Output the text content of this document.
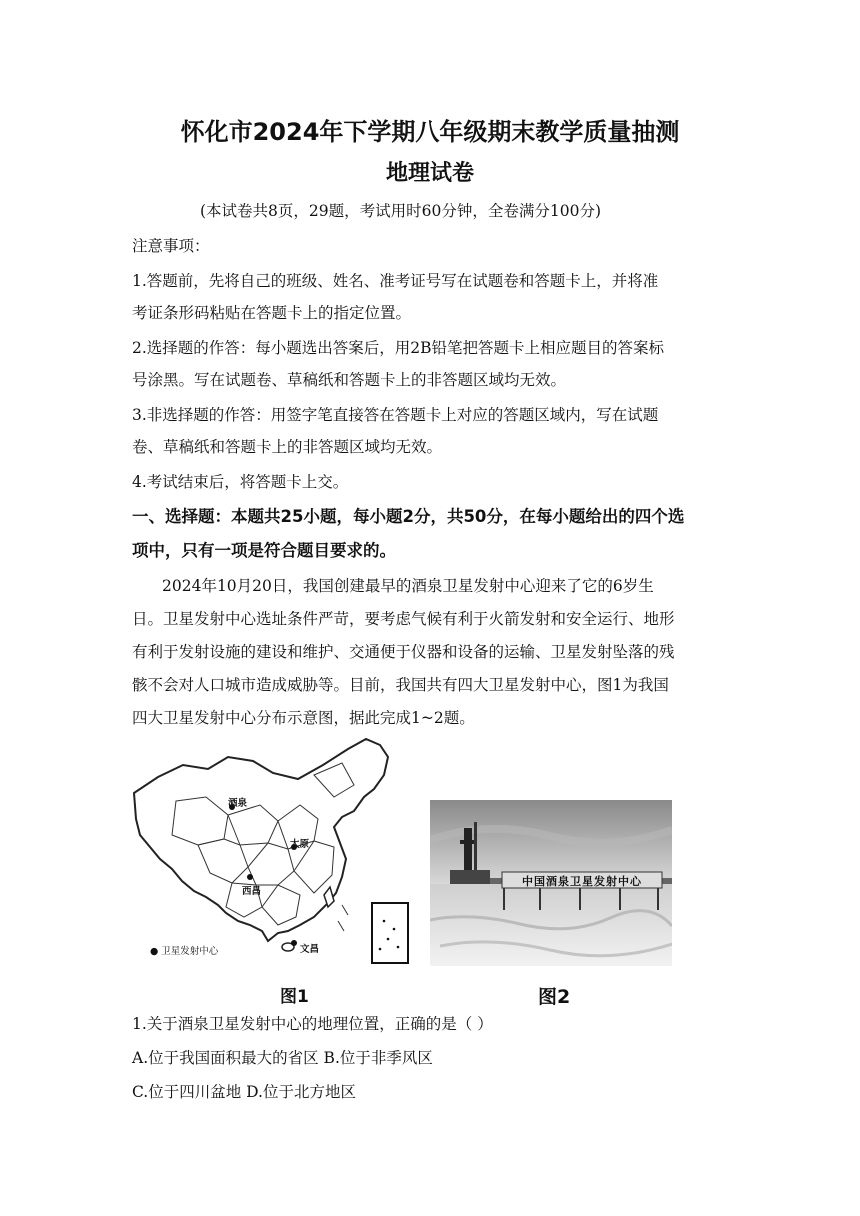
怀化市2024年下学期八年级期末教学质量抽测
地理试卷
(本试卷共8页，29题，考试用时60分钟，全卷满分100分)
注意事项：
1.答题前，先将自己的班级、姓名、准考证号写在试题卷和答题卡上，并将准
考证条形码粘贴在答题卡上的指定位置。
2.选择题的作答：每小题选出答案后，用2B铅笔把答题卡上相应题目的答案标
号涂黑。写在试题卷、草稿纸和答题卡上的非答题区域均无效。
3.非选择题的作答：用签字笔直接答在答题卡上对应的答题区域内，写在试题
卷、草稿纸和答题卡上的非答题区域均无效。
4.考试结束后，将答题卡上交。
一、选择题：本题共25小题，每小题2分，共50分，在每小题给出的四个选
项中，只有一项是符合题目要求的。
2024年10月20日，我国创建最早的酒泉卫星发射中心迎来了它的6岁生
日。卫星发射中心选址条件严苛，要考虑气候有利于火箭发射和安全运行、地形
有利于发射设施的建设和维护、交通便于仪器和设备的运输、卫星发射坠落的残
骸不会对人口城市造成威胁等。目前，我国共有四大卫星发射中心，图1为我国
四大卫星发射中心分布示意图，据此完成1~2题。
酒泉
太原
西昌
文昌
● 卫星发射中心
图1
中国酒泉卫星发射中心
图2
1.关于酒泉卫星发射中心的地理位置，正确的是（ ）
A.位于我国面积最大的省区 B.位于非季风区
C.位于四川盆地 D.位于北方地区
